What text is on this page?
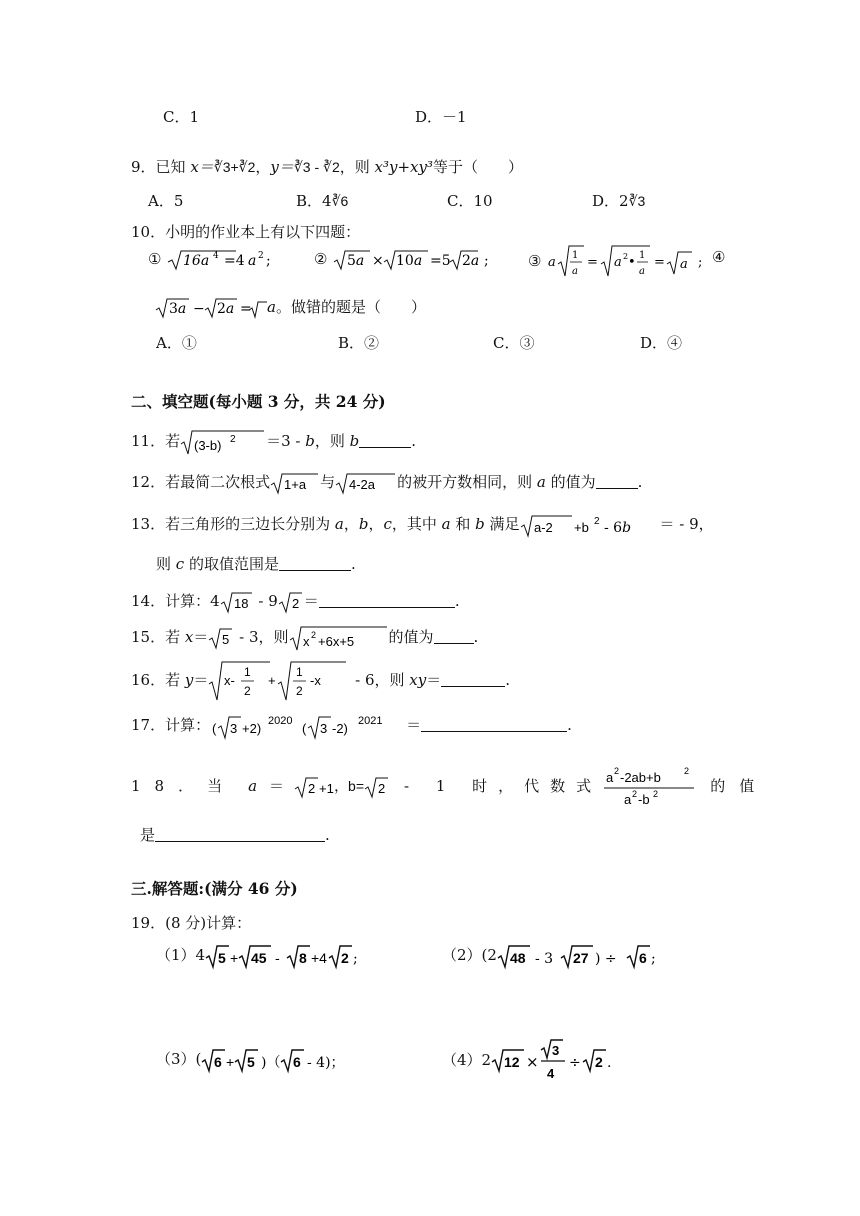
C．1	D．－1
9．已知 x＝∛3+∛2，y＝∛3 - ∛2，则 x³y+xy³等于（　　）
A．5	B．4∛6	C．10	D．2∛3
10．小明的作业本上有以下四题：
① 16a 4 =4 a 2 ;	② 5a × 10a =5 2a ;	③ a 1
a
= a 2 • 1
a
= a ; ④
3a − 2a = a。做错的题是（　　）
A．①	B．②	C．③	D．④
二、填空题(每小题 3 分，共 24 分)
11．若 (3-b) 2 ＝3 - b，则 b	.
12．若最简二次根式 1+a 与 4-2a 的被开方数相同，则 a 的值为	.
13．若三角形的三边长分别为 a，b，c，其中 a 和 b 满足 a-2 +b 2 - 6b ＝ - 9，
则 c 的取值范围是	.
14．计算：4 18 - 9 2 ＝	.
15．若 x＝ 5 - 3，则 x 2 +6x+5 的值为	.
16．若 y＝ x-
1
2
+
1
2
-x - 6，则 xy＝	.
17．计算： ( 3 +2) 2020 ( 3 -2) 2021 ＝	.
18．当 a ＝ 2 +1 ，b= 2 - 1 时，代数式 a 2 -2ab+b	2
a 2 -b 2	的值
是	.
三.解答题:(满分 46 分)
19．(8 分)计算：
（1）4 5 + 45 - 8 +4 2 ;	（2）(2 48 - 3 27 ) ÷ 6 ;
（3）( 6 + 5 )（ 6 - 4)；	（4）2 12 ×
3
4
÷ 2 .
